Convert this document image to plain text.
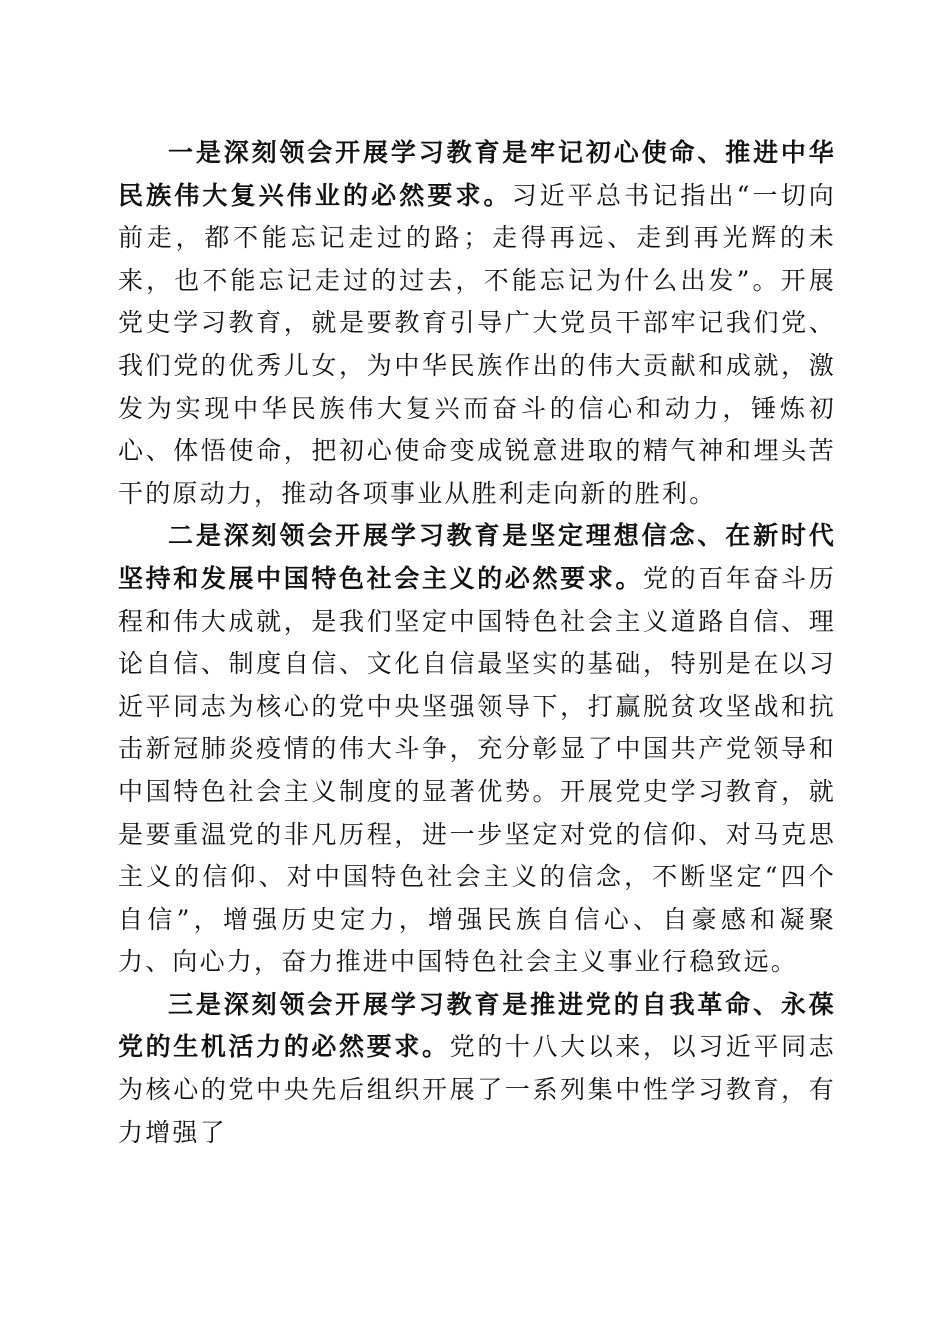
一是深刻领会开展学习教育是牢记初心使命、推进中华民族伟大复兴伟业的必然要求。习近平总书记指出“一切向前走，都不能忘记走过的路；走得再远、走到再光辉的未来，也不能忘记走过的过去，不能忘记为什么出发”。开展党史学习教育，就是要教育引导广大党员干部牢记我们党、我们党的优秀儿女，为中华民族作出的伟大贡献和成就，激发为实现中华民族伟大复兴而奋斗的信心和动力，锤炼初心、体悟使命，把初心使命变成锐意进取的精气神和埋头苦干的原动力，推动各项事业从胜利走向新的胜利。

二是深刻领会开展学习教育是坚定理想信念、在新时代坚持和发展中国特色社会主义的必然要求。党的百年奋斗历程和伟大成就，是我们坚定中国特色社会主义道路自信、理论自信、制度自信、文化自信最坚实的基础，特别是在以习近平同志为核心的党中央坚强领导下，打赢脱贫攻坚战和抗击新冠肺炎疫情的伟大斗争，充分彰显了中国共产党领导和中国特色社会主义制度的显著优势。开展党史学习教育，就是要重温党的非凡历程，进一步坚定对党的信仰、对马克思主义的信仰、对中国特色社会主义的信念，不断坚定“四个自信”，增强历史定力，增强民族自信心、自豪感和凝聚力、向心力，奋力推进中国特色社会主义事业行稳致远。

三是深刻领会开展学习教育是推进党的自我革命、永葆党的生机活力的必然要求。党的十八大以来，以习近平同志为核心的党中央先后组织开展了一系列集中性学习教育，有力增强了
